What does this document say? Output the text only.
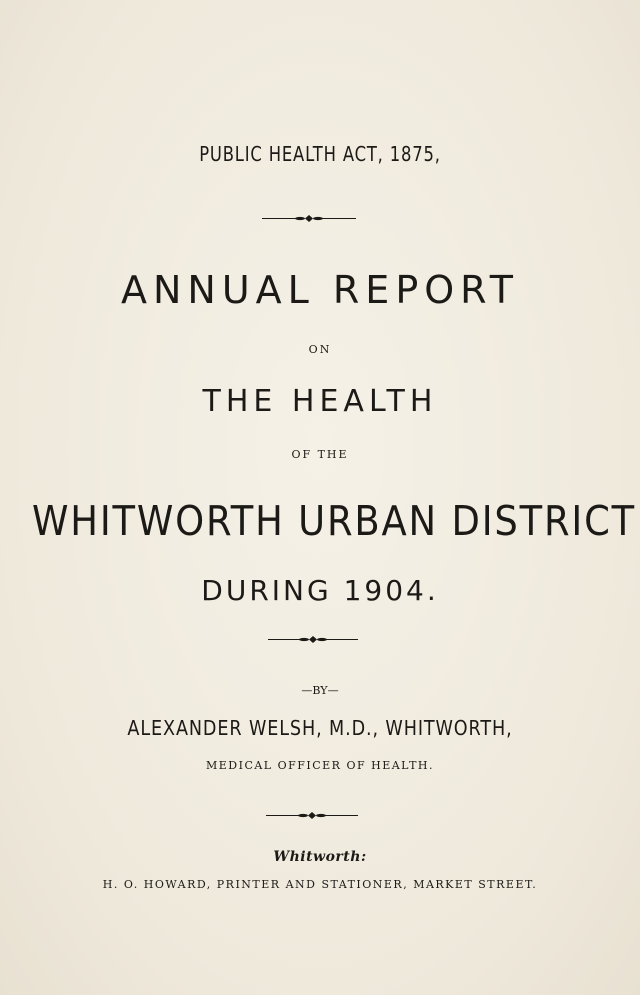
PUBLIC HEALTH ACT, 1875,
ANNUAL REPORT
ON
THE HEALTH
OF THE
WHITWORTH URBAN DISTRICT
DURING 1904.
—BY—
ALEXANDER WELSH, M.D., WHITWORTH,
MEDICAL OFFICER OF HEALTH.
Whitworth:
H. O. HOWARD, PRINTER AND STATIONER, MARKET STREET.
